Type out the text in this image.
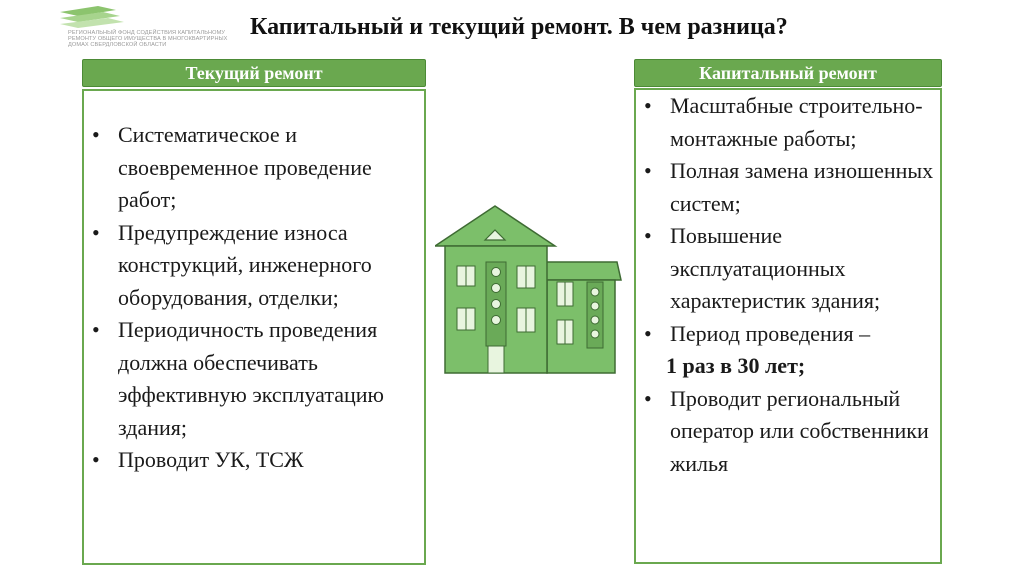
РЕГИОНАЛЬНЫЙ ФОНД СОДЕЙСТВИЯ КАПИТАЛЬНОМУ РЕМОНТУ ОБЩЕГО ИМУЩЕСТВА В МНОГОКВАРТИРНЫХ ДОМАХ СВЕРДЛОВСКОЙ ОБЛАСТИ
Капитальный и текущий ремонт. В чем разница?
Текущий ремонт
• Систематическое и своевременное проведение работ;
• Предупреждение износа конструкций, инженерного оборудования, отделки;
• Периодичность проведения должна обеспечивать эффективную эксплуатацию здания;
• Проводит УК, ТСЖ
Капитальный ремонт
• Масштабные строительно-монтажные работы;
• Полная замена изношенных систем;
• Повышение эксплуатационных характеристик здания;
• Период проведения –
1 раз в 30 лет;
• Проводит региональный оператор или собственники жилья
